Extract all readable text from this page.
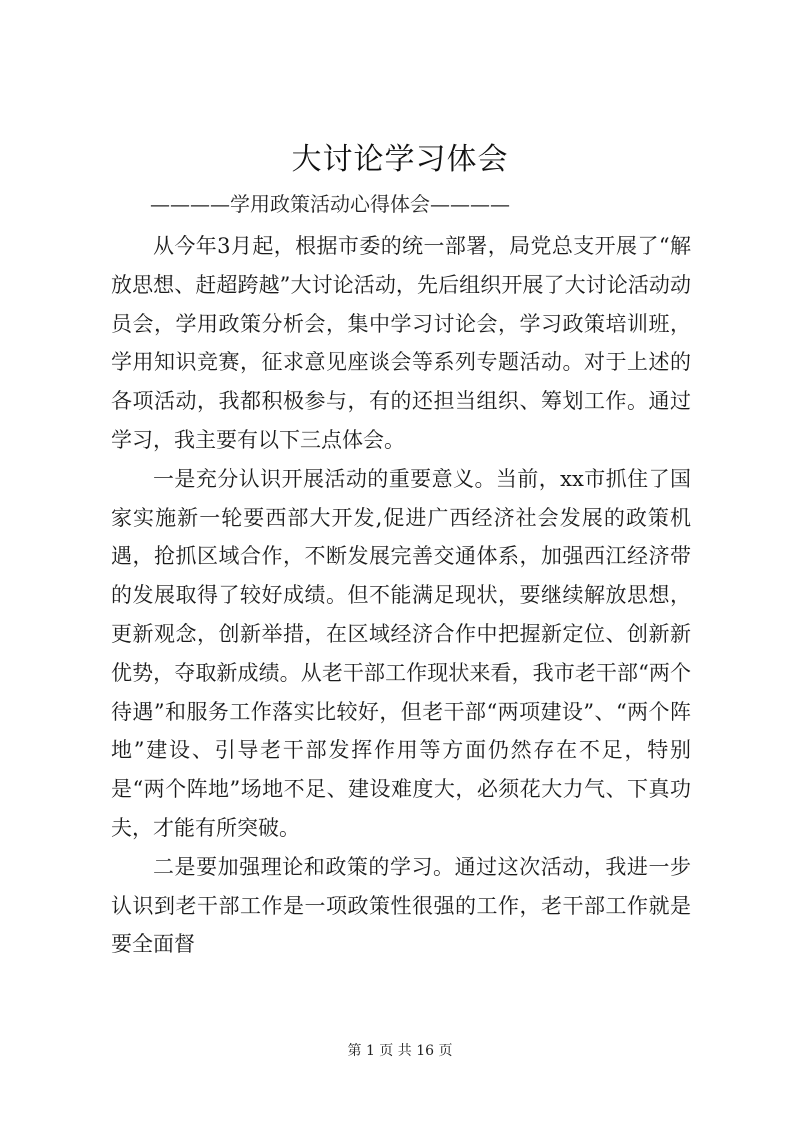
大讨论学习体会
————学用政策活动心得体会————

从今年3月起，根据市委的统一部署，局党总支开展了“解放思想、赶超跨越”大讨论活动，先后组织开展了大讨论活动动员会，学用政策分析会，集中学习讨论会，学习政策培训班，学用知识竞赛，征求意见座谈会等系列专题活动。对于上述的各项活动，我都积极参与，有的还担当组织、筹划工作。通过学习，我主要有以下三点体会。

一是充分认识开展活动的重要意义。当前，xx市抓住了国家实施新一轮要西部大开发,促进广西经济社会发展的政策机遇，抢抓区域合作，不断发展完善交通体系，加强西江经济带的发展取得了较好成绩。但不能满足现状，要继续解放思想，更新观念，创新举措，在区域经济合作中把握新定位、创新新优势，夺取新成绩。从老干部工作现状来看，我市老干部“两个待遇”和服务工作落实比较好，但老干部“两项建设”、“两个阵地”建设、引导老干部发挥作用等方面仍然存在不足，特别是“两个阵地”场地不足、建设难度大，必须花大力气、下真功夫，才能有所突破。

二是要加强理论和政策的学习。通过这次活动，我进一步认识到老干部工作是一项政策性很强的工作，老干部工作就是要全面督

第 1 页 共 16 页
